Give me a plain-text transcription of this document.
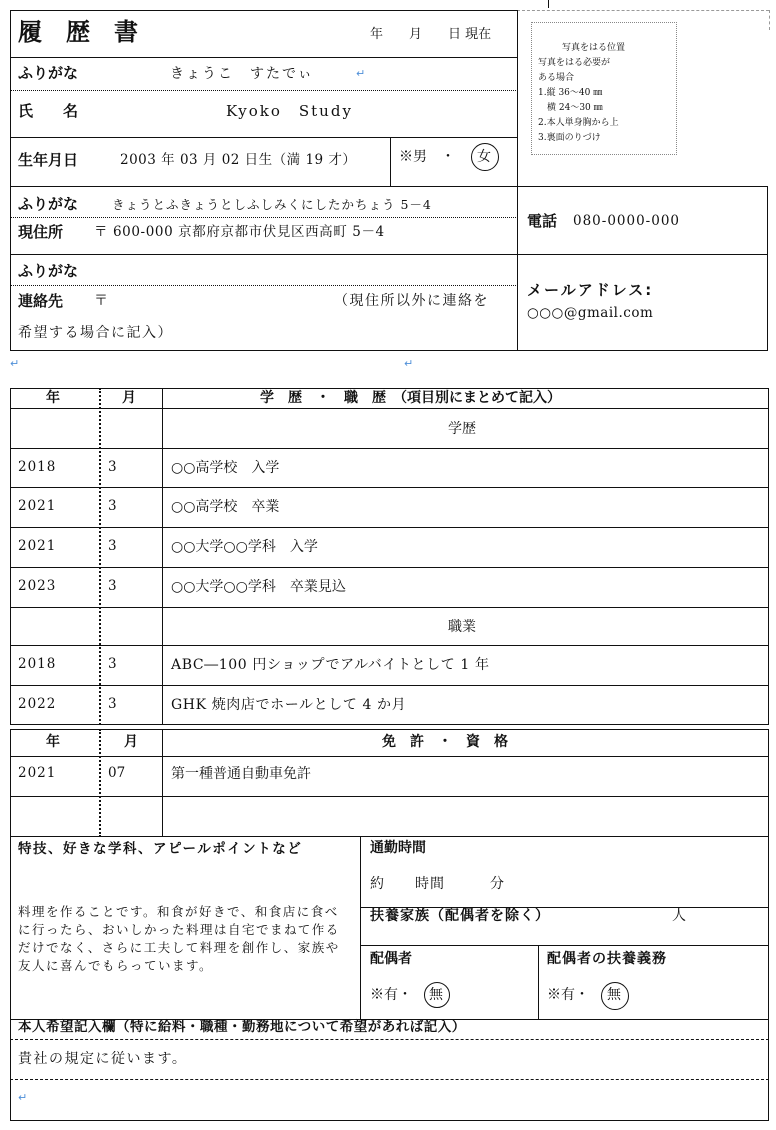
履　歴　書	年　　月　　日 現在
写真をはる位置
写真をはる必要が
ある場合
1.縦 36～40 ㎜
　横 24～30 ㎜
2.本人単身胸から上
3.裏面のりづけ
ふりがな	きょうこ　すたでぃ	↵
氏　　名	Kyoko　Study
生年月日	2003 年 03 月 02 日生（満 19 才）	※男　・ 女
ふりがな	きょうとふきょうとしふしみくにしたかちょう 5－4
現住所 〒 600-000 京都府京都市伏見区西高町 5－4
電話 080-0000-000
ふりがな
連絡先 〒	（現住所以外に連絡を
希望する場合に記入）
メールアドレス:
○○○@gmail.com
↵	↵
年	月	学　歴　・　職　歴　（項目別にまとめて記入）
学歴
2018	3	○○高学校　入学
2021	3	○○高学校　卒業
2021	3	○○大学○○学科　入学
2023	3	○○大学○○学科　卒業見込
職業
2018	3	ABC―100 円ショップでアルバイトとして 1 年
2022	3	GHK 焼肉店でホールとして 4 か月
年	月	免　許　・　資　格
2021	07	第一種普通自動車免許
特技、好きな学科、アピールポイントなど
料理を作ることです。和食が好きで、和食店に食べに行ったら、おいしかった料理は自宅でまねて作るだけでなく、さらに工夫して料理を創作し、家族や友人に喜んでもらっています。
通勤時間
約　　時間　　　分
扶養家族（配偶者を除く）	人
配偶者
※有・ 無
配偶者の扶養義務
※有・ 無
本人希望記入欄（特に給料・職種・勤務地について希望があれば記入）
貴社の規定に従います。
↵
